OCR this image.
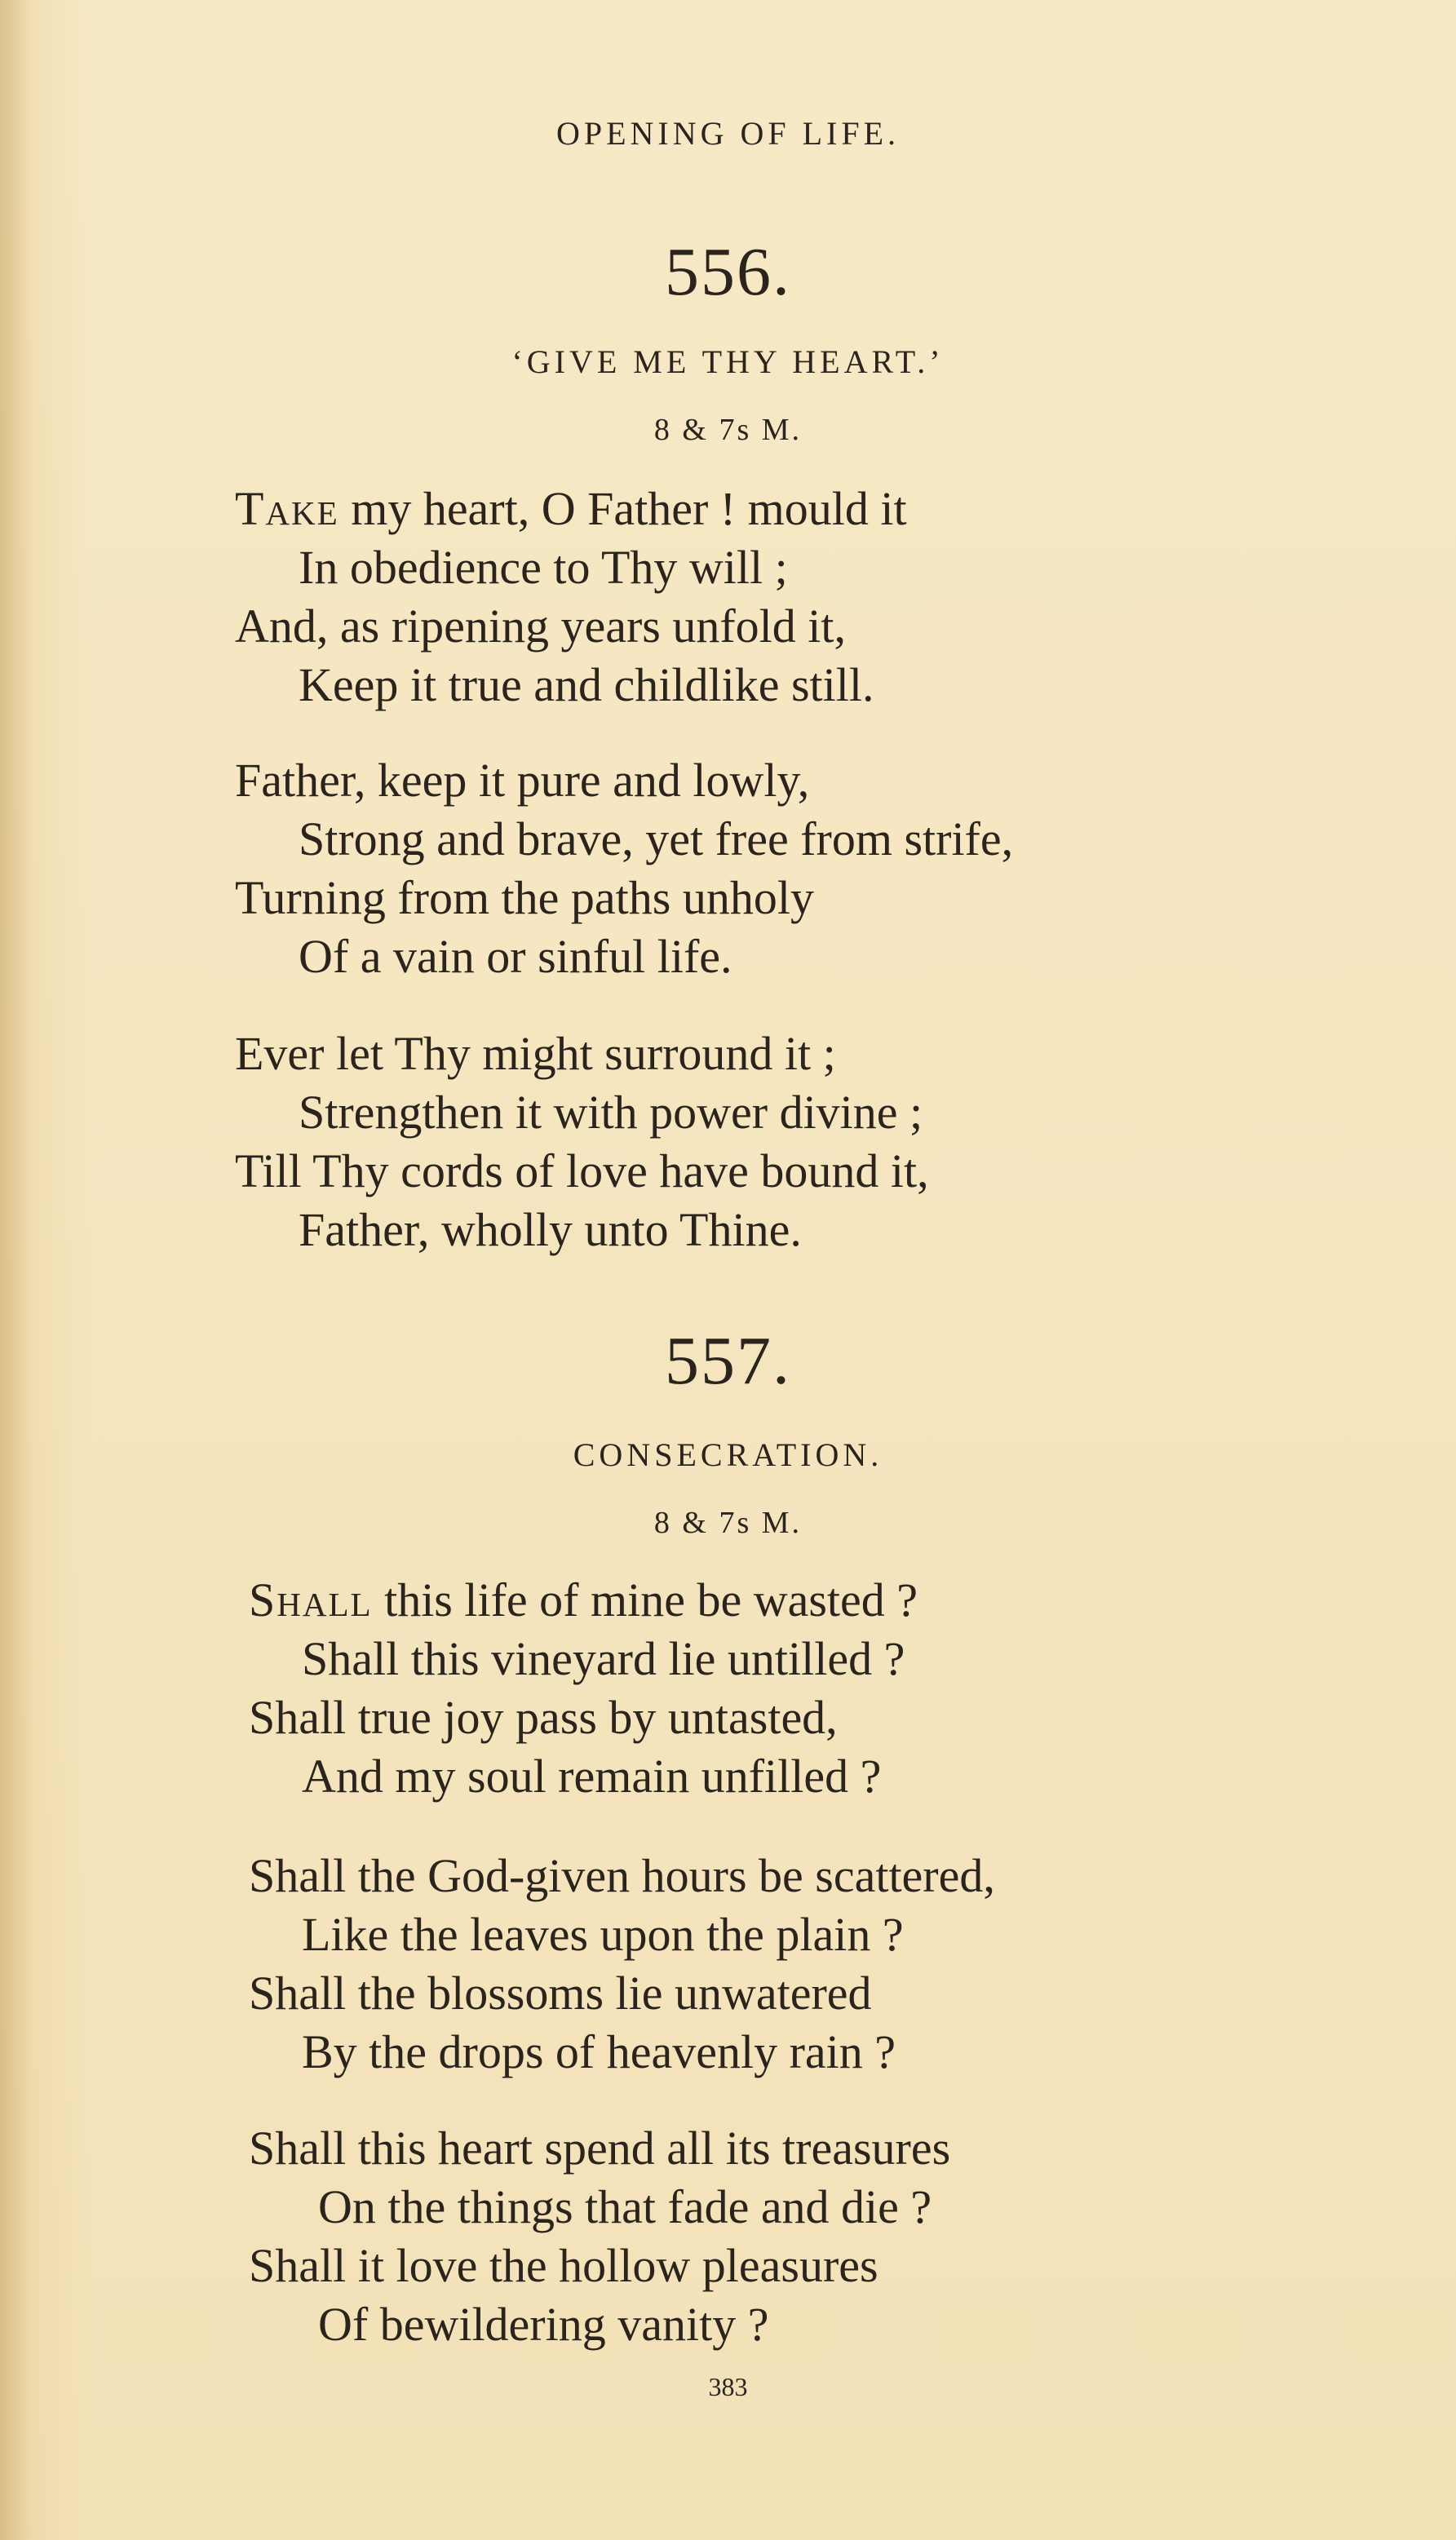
OPENING OF LIFE.
556.
‘GIVE ME THY HEART.’
8 & 7s M.
Take my heart, O Father ! mould it
In obedience to Thy will ;
And, as ripening years unfold it,
Keep it true and childlike still.
Father, keep it pure and lowly,
Strong and brave, yet free from strife,
Turning from the paths unholy
Of a vain or sinful life.
Ever let Thy might surround it ;
Strengthen it with power divine ;
Till Thy cords of love have bound it,
Father, wholly unto Thine.
557.
CONSECRATION.
8 & 7s M.
Shall this life of mine be wasted ?
Shall this vineyard lie untilled ?
Shall true joy pass by untasted,
And my soul remain unfilled ?
Shall the God-given hours be scattered,
Like the leaves upon the plain ?
Shall the blossoms lie unwatered
By the drops of heavenly rain ?
Shall this heart spend all its treasures
On the things that fade and die ?
Shall it love the hollow pleasures
Of bewildering vanity ?
383
